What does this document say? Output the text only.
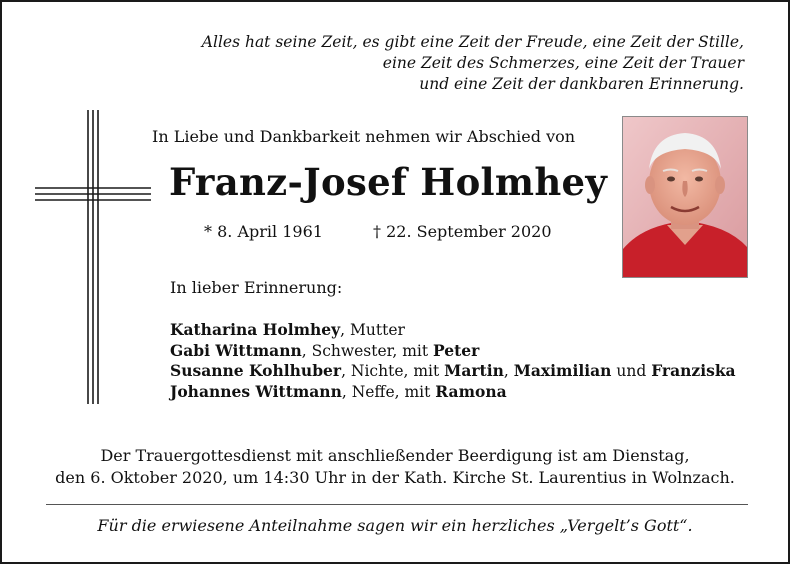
Alles hat seine Zeit, es gibt eine Zeit der Freude, eine Zeit der Stille,
eine Zeit des Schmerzes, eine Zeit der Trauer
und eine Zeit der dankbaren Erinnerung.
In Liebe und Dankbarkeit nehmen wir Abschied von
Franz-Josef Holmhey
* 8. April 1961	† 22. September 2020
In lieber Erinnerung:
Katharina Holmhey, Mutter
Gabi Wittmann, Schwester, mit Peter
Susanne Kohlhuber, Nichte, mit Martin, Maximilian und Franziska
Johannes Wittmann, Neffe, mit Ramona
Der Trauergottesdienst mit anschließender Beerdigung ist am Dienstag,
den 6. Oktober 2020, um 14:30 Uhr in der Kath. Kirche St. Laurentius in Wolnzach.
Für die erwiesene Anteilnahme sagen wir ein herzliches „Vergelt’s Gott“.
